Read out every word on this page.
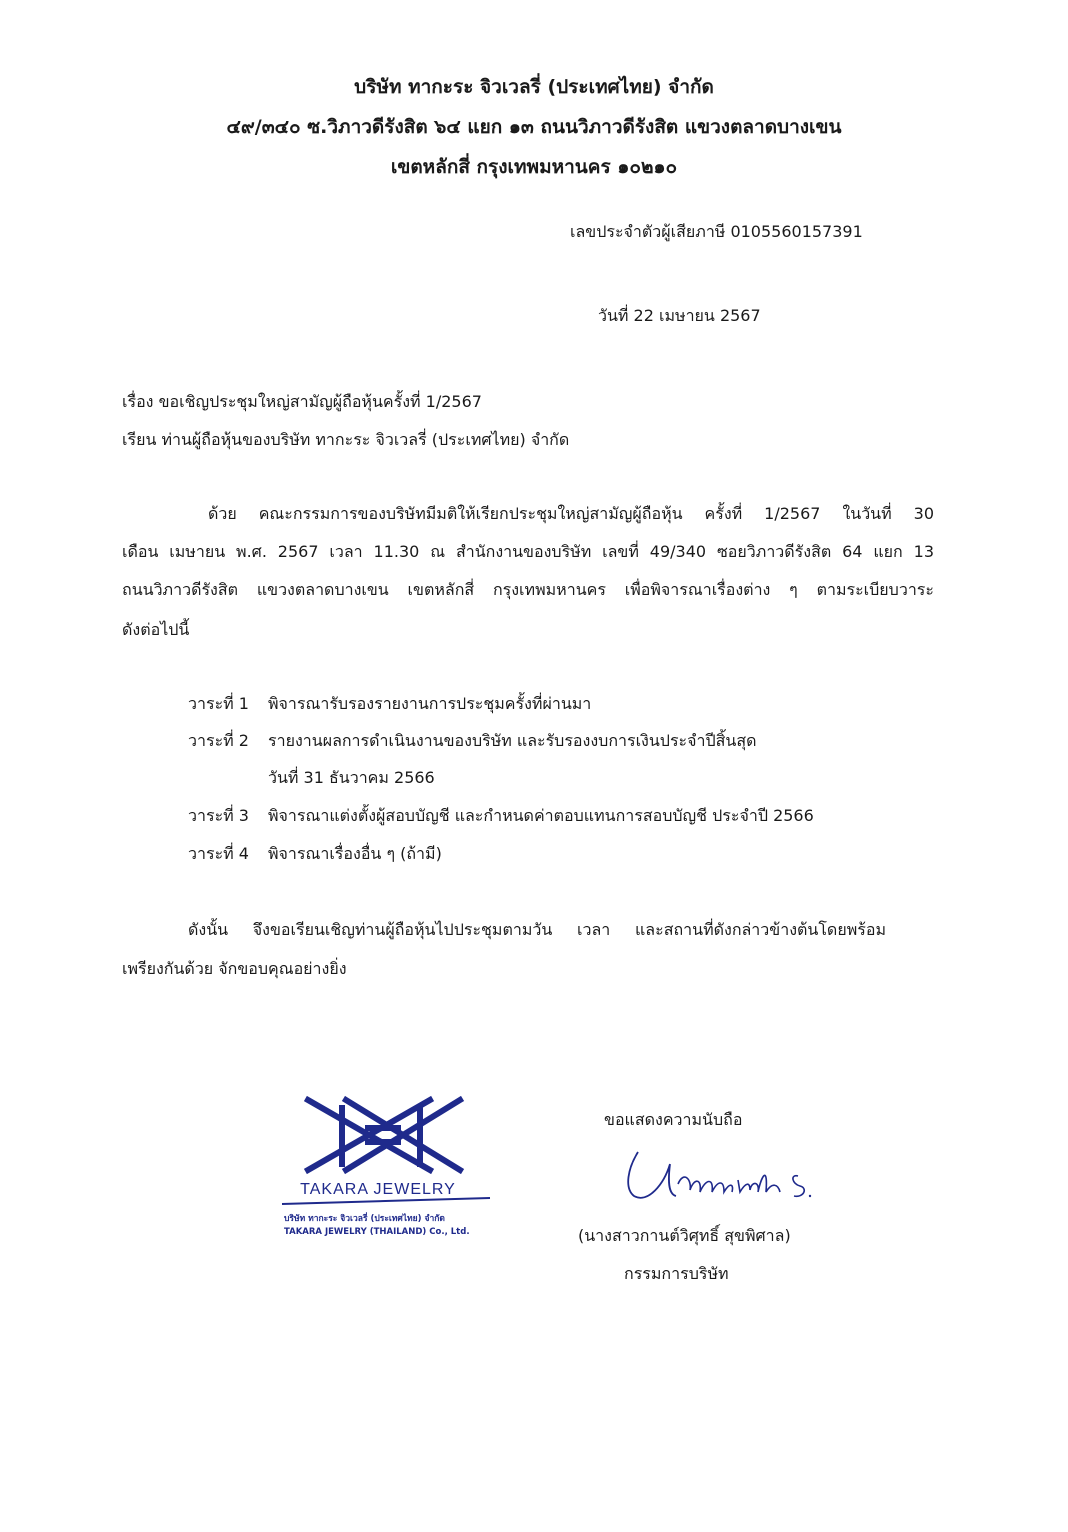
บริษัท ทากะระ จิวเวลรี่ (ประเทศไทย) จำกัด
๔๙/๓๔๐ ซ.วิภาวดีรังสิต ๖๔ แยก ๑๓ ถนนวิภาวดีรังสิต แขวงตลาดบางเขน
เขตหลักสี่ กรุงเทพมหานคร ๑๐๒๑๐
เลขประจำตัวผู้เสียภาษี 0105560157391
วันที่ 22 เมษายน 2567
เรื่อง ขอเชิญประชุมใหญ่สามัญผู้ถือหุ้นครั้งที่ 1/2567
เรียน ท่านผู้ถือหุ้นของบริษัท ทากะระ จิวเวลรี่ (ประเทศไทย) จำกัด
ด้วย คณะกรรมการของบริษัทมีมติให้เรียกประชุมใหญ่สามัญผู้ถือหุ้น ครั้งที่ 1/2567 ในวันที่ 30
เดือน เมษายน พ.ศ. 2567 เวลา 11.30 ณ สำนักงานของบริษัท เลขที่ 49/340 ซอยวิภาวดีรังสิต 64 แยก 13
ถนนวิภาวดีรังสิต แขวงตลาดบางเขน เขตหลักสี่ กรุงเทพมหานคร เพื่อพิจารณาเรื่องต่าง ๆ ตามระเบียบวาระ
ดังต่อไปนี้
วาระที่ 1 พิจารณารับรองรายงานการประชุมครั้งที่ผ่านมา
วาระที่ 2 รายงานผลการดำเนินงานของบริษัท และรับรองงบการเงินประจำปีสิ้นสุด
วันที่ 31 ธันวาคม 2566
วาระที่ 3 พิจารณาแต่งตั้งผู้สอบบัญชี และกำหนดค่าตอบแทนการสอบบัญชี ประจำปี 2566
วาระที่ 4 พิจารณาเรื่องอื่น ๆ (ถ้ามี)
ดังนั้น จึงขอเรียนเชิญท่านผู้ถือหุ้นไปประชุมตามวัน เวลา และสถานที่ดังกล่าวข้างต้นโดยพร้อม
เพรียงกันด้วย จักขอบคุณอย่างยิ่ง
TAKARA JEWELRY
บริษัท ทากะระ จิวเวลรี่ (ประเทศไทย) จำกัด
TAKARA JEWELRY (THAILAND) Co., Ltd.
ขอแสดงความนับถือ
(นางสาวกานต์วิศุทธิ์ สุขพิศาล)
กรรมการบริษัท
